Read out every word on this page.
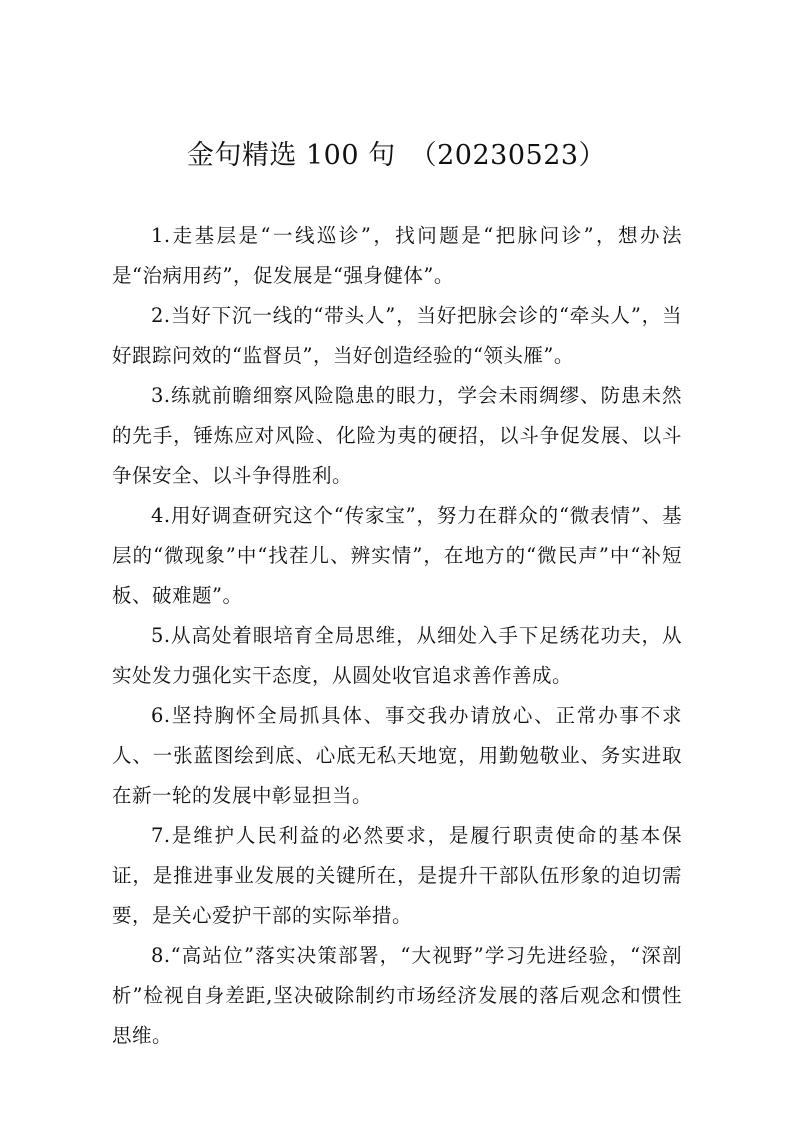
金句精选 100 句 （20230523）

1.走基层是“一线巡诊”，找问题是“把脉问诊”，想办法是“治病用药”，促发展是“强身健体”。

2.当好下沉一线的“带头人”，当好把脉会诊的“牵头人”，当好跟踪问效的“监督员”，当好创造经验的“领头雁”。

3.练就前瞻细察风险隐患的眼力，学会未雨绸缪、防患未然的先手，锤炼应对风险、化险为夷的硬招，以斗争促发展、以斗争保安全、以斗争得胜利。

4.用好调查研究这个“传家宝”，努力在群众的“微表情”、基层的“微现象”中“找茬儿、辨实情”，在地方的“微民声”中“补短板、破难题”。

5.从高处着眼培育全局思维，从细处入手下足绣花功夫，从实处发力强化实干态度，从圆处收官追求善作善成。

6.坚持胸怀全局抓具体、事交我办请放心、正常办事不求人、一张蓝图绘到底、心底无私天地宽，用勤勉敬业、务实进取在新一轮的发展中彰显担当。

7.是维护人民利益的必然要求，是履行职责使命的基本保证，是推进事业发展的关键所在，是提升干部队伍形象的迫切需要，是关心爱护干部的实际举措。

8.“高站位”落实决策部署，“大视野”学习先进经验，“深剖析”检视自身差距,坚决破除制约市场经济发展的落后观念和惯性思维。
